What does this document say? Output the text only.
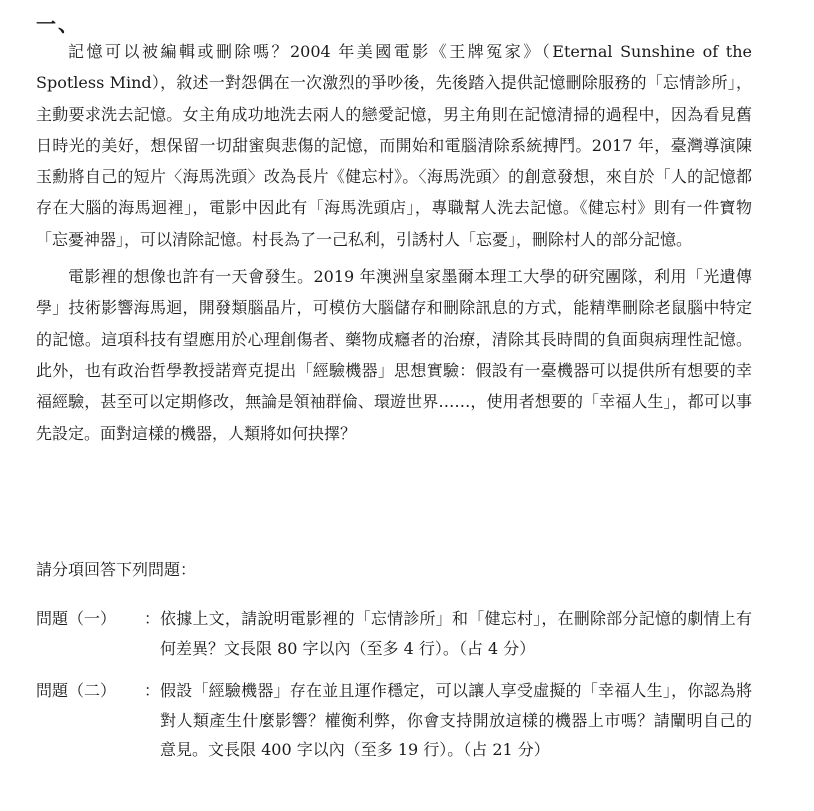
一、

記憶可以被編輯或刪除嗎？2004 年美國電影《王牌冤家》（Eternal Sunshine of the Spotless Mind），敘述一對怨偶在一次激烈的爭吵後，先後踏入提供記憶刪除服務的「忘情診所」，主動要求洗去記憶。女主角成功地洗去兩人的戀愛記憶，男主角則在記憶清掃的過程中，因為看見舊日時光的美好，想保留一切甜蜜與悲傷的記憶，而開始和電腦清除系統搏鬥。2017 年，臺灣導演陳玉勳將自己的短片〈海馬洗頭〉改為長片《健忘村》。〈海馬洗頭〉的創意發想，來自於「人的記憶都存在大腦的海馬迴裡」，電影中因此有「海馬洗頭店」，專職幫人洗去記憶。《健忘村》則有一件寶物「忘憂神器」，可以清除記憶。村長為了一己私利，引誘村人「忘憂」，刪除村人的部分記憶。

電影裡的想像也許有一天會發生。2019 年澳洲皇家墨爾本理工大學的研究團隊，利用「光遺傳學」技術影響海馬迴，開發類腦晶片，可模仿大腦儲存和刪除訊息的方式，能精準刪除老鼠腦中特定的記憶。這項科技有望應用於心理創傷者、藥物成癮者的治療，清除其長時間的負面與病理性記憶。此外，也有政治哲學教授諾齊克提出「經驗機器」思想實驗：假設有一臺機器可以提供所有想要的幸福經驗，甚至可以定期修改，無論是領袖群倫、環遊世界……，使用者想要的「幸福人生」，都可以事先設定。面對這樣的機器，人類將如何抉擇？

請分項回答下列問題：
問題（一）	： 依據上文，請說明電影裡的「忘情診所」和「健忘村」，在刪除部分記憶的劇情上有何差異？文長限 80 字以內（至多 4 行）。（占 4 分）
問題（二）	： 假設「經驗機器」存在並且運作穩定，可以讓人享受虛擬的「幸福人生」，你認為將對人類產生什麼影響？權衡利弊，你會支持開放這樣的機器上市嗎？請闡明自己的意見。文長限 400 字以內（至多 19 行）。（占 21 分）
